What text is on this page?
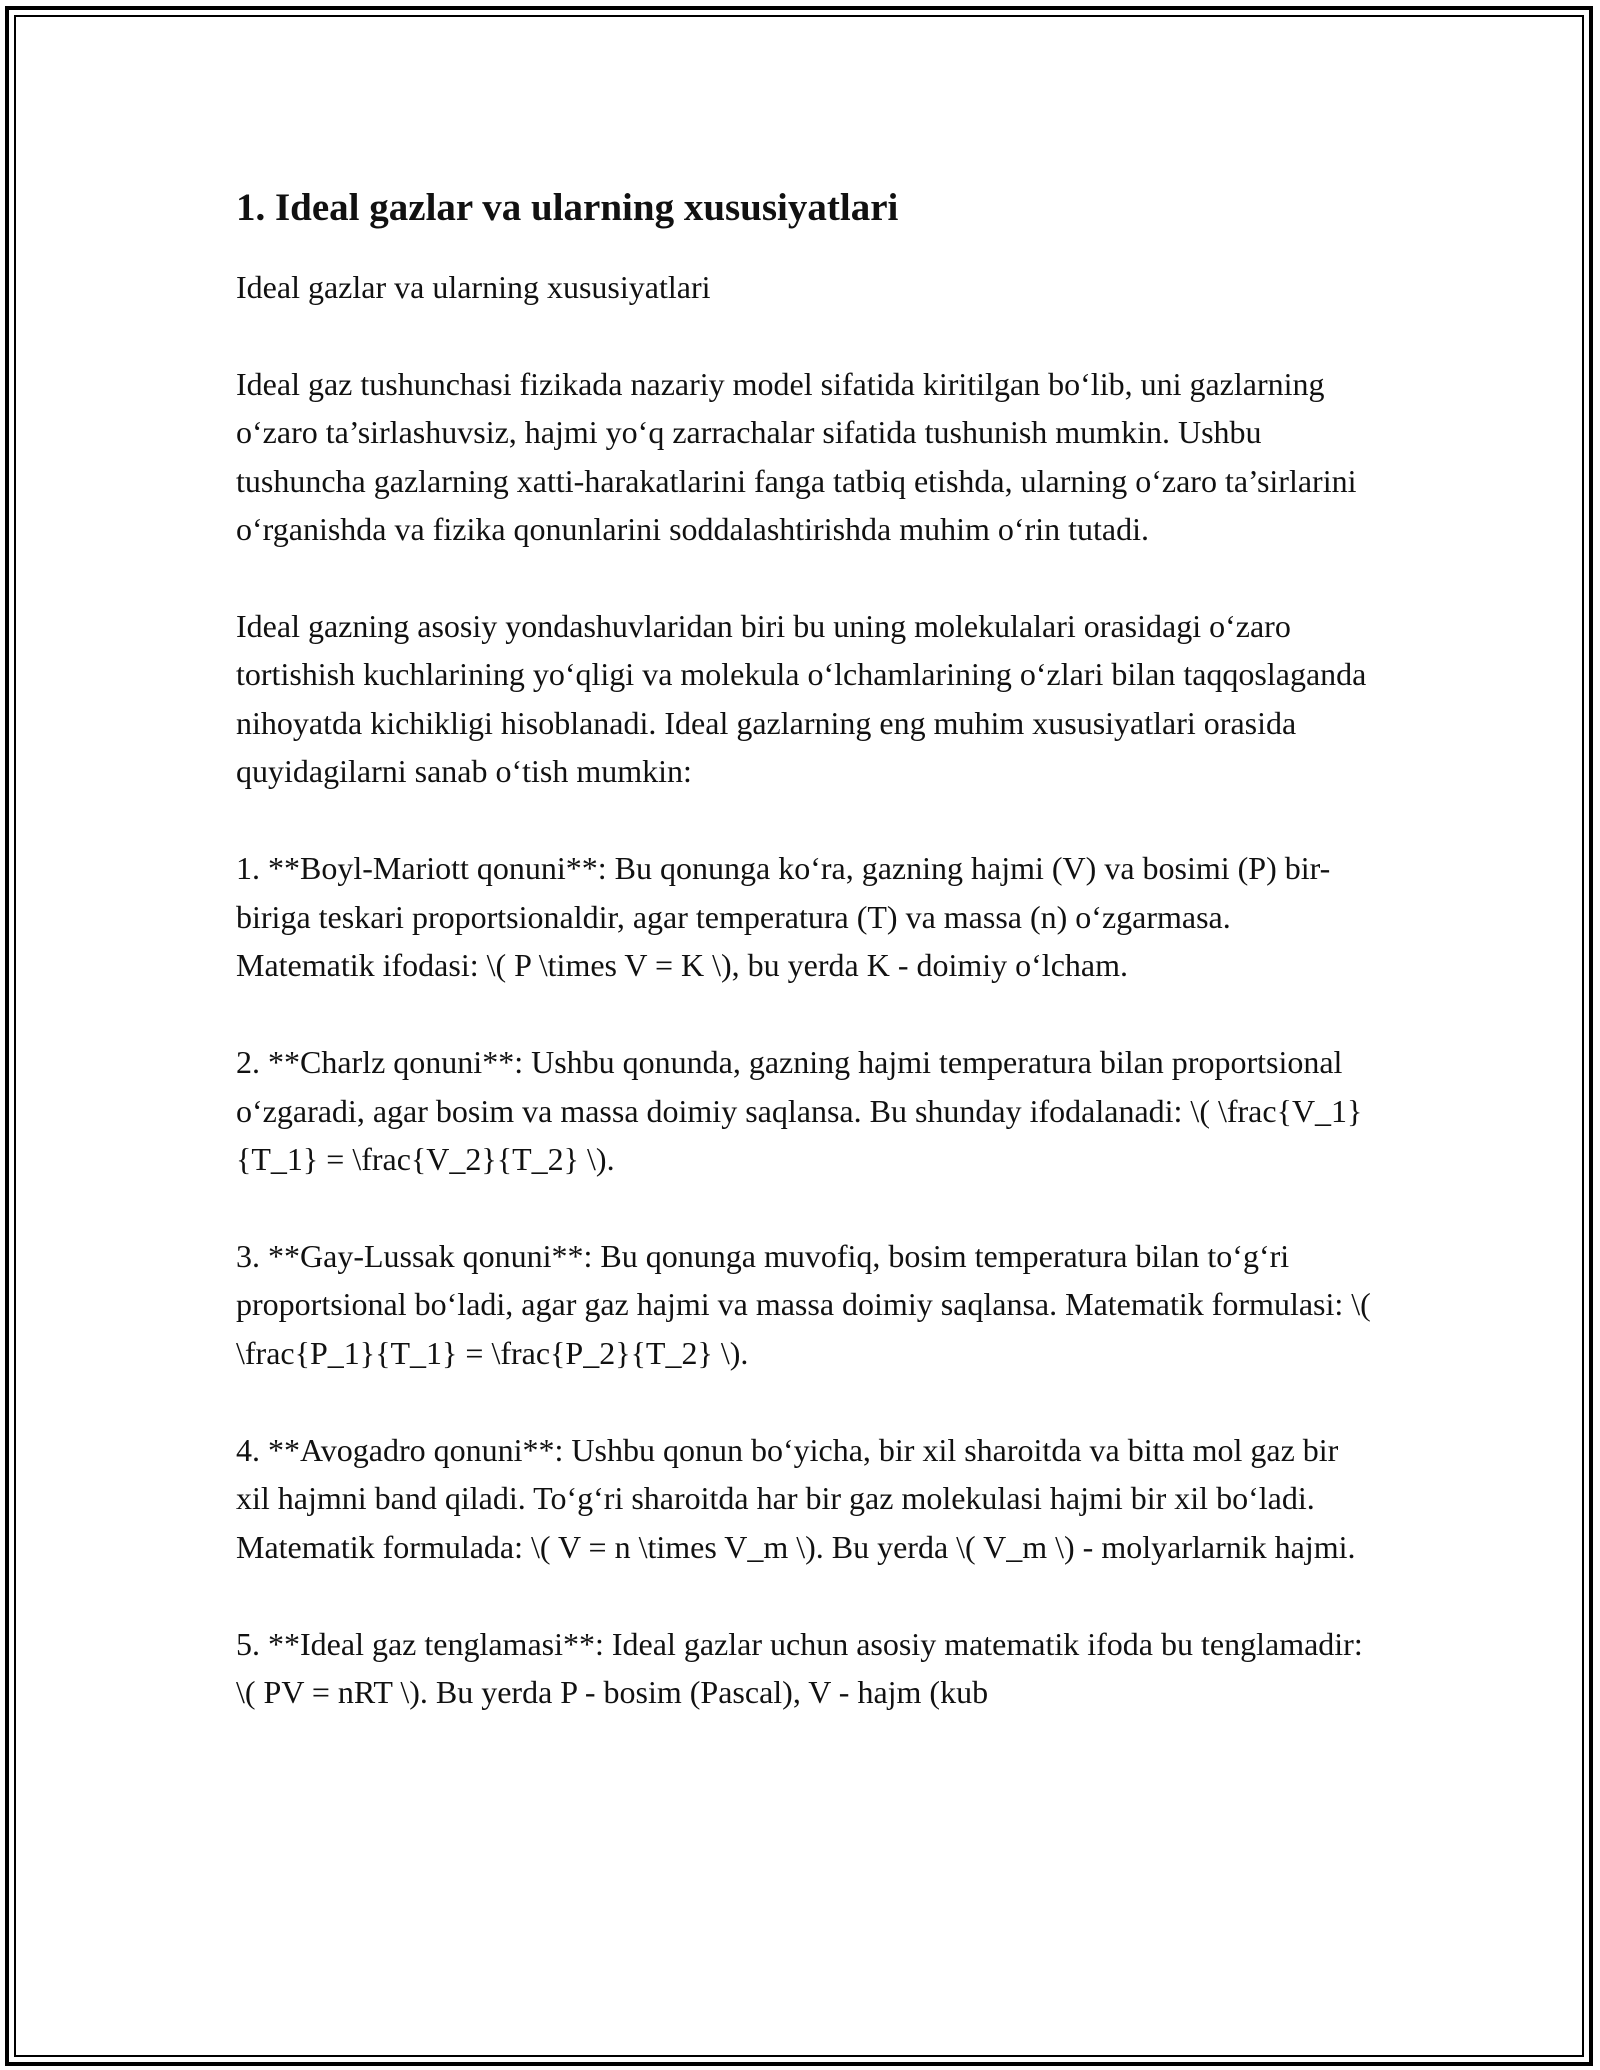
1. Ideal gazlar va ularning xususiyatlari

Ideal gazlar va ularning xususiyatlari

Ideal gaz tushunchasi fizikada nazariy model sifatida kiritilgan bo‘lib, uni gazlarning o‘zaro ta’sirlashuvsiz, hajmi yo‘q zarrachalar sifatida tushunish mumkin. Ushbu tushuncha gazlarning xatti-harakatlarini fanga tatbiq etishda, ularning o‘zaro ta’sirlarini o‘rganishda va fizika qonunlarini soddalashtirishda muhim o‘rin tutadi.

Ideal gazning asosiy yondashuvlaridan biri bu uning molekulalari orasidagi o‘zaro tortishish kuchlarining yo‘qligi va molekula o‘lchamlarining o‘zlari bilan taqqoslaganda nihoyatda kichikligi hisoblanadi. Ideal gazlarning eng muhim xususiyatlari orasida quyidagilarni sanab o‘tish mumkin:

1. **Boyl-Mariott qonuni**: Bu qonunga ko‘ra, gazning hajmi (V) va bosimi (P) bir-biriga teskari proportsionaldir, agar temperatura (T) va massa (n) o‘zgarmasa. Matematik ifodasi: \( P \times V = K \), bu yerda K - doimiy o‘lcham.

2. **Charlz qonuni**: Ushbu qonunda, gazning hajmi temperatura bilan proportsional o‘zgaradi, agar bosim va massa doimiy saqlansa. Bu shunday ifodalanadi: \( \frac{V_1}{T_1} = \frac{V_2}{T_2} \).

3. **Gay-Lussak qonuni**: Bu qonunga muvofiq, bosim temperatura bilan to‘g‘ri proportsional bo‘ladi, agar gaz hajmi va massa doimiy saqlansa. Matematik formulasi: \( \frac{P_1}{T_1} = \frac{P_2}{T_2} \).

4. **Avogadro qonuni**: Ushbu qonun bo‘yicha, bir xil sharoitda va bitta mol gaz bir xil hajmni band qiladi. To‘g‘ri sharoitda har bir gaz molekulasi hajmi bir xil bo‘ladi. Matematik formulada: \( V = n \times V_m \). Bu yerda \( V_m \) - molyarlarnik hajmi.

5. **Ideal gaz tenglamasi**: Ideal gazlar uchun asosiy matematik ifoda bu tenglamadir: \( PV = nRT \). Bu yerda P - bosim (Pascal), V - hajm (kub
